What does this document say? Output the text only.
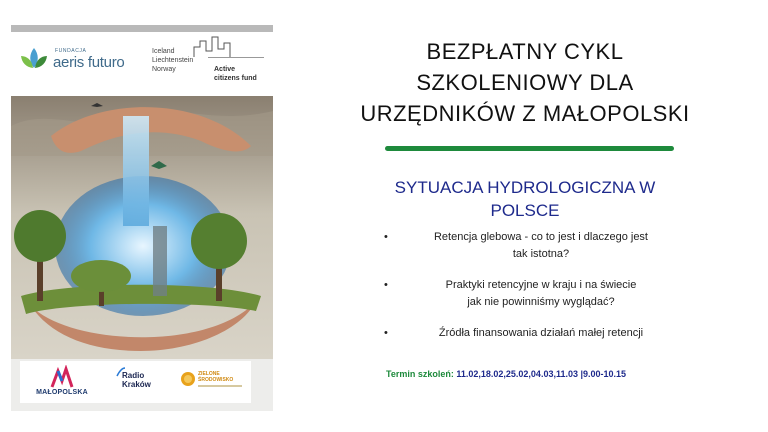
FUNDACJA
aeris futuro
Iceland
Liechtenstein
Norway	Active
citizens fund
MAŁOPOLSKA
Radio
Kraków
ZIELONE
ŚRODOWISKO
BEZPŁATNY CYKL
SZKOLENIOWY DLA
URZĘDNIKÓW Z MAŁOPOLSKI
SYTUACJA HYDROLOGICZNA W
POLSCE
•	Retencja glebowa - co to jest i dlaczego jest
tak istotna?
•	Praktyki retencyjne w kraju i na świecie
jak nie powinniśmy wyglądać?
•	Źródła finansowania działań małej retencji
Termin szkoleń: 11.02,18.02,25.02,04.03,11.03 |9.00-10.15
